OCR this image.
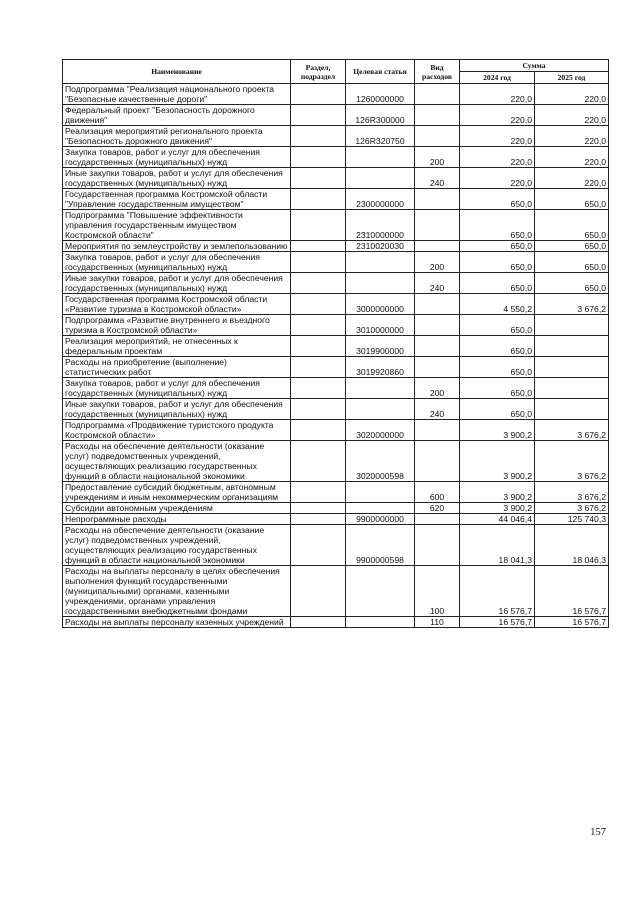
Наименование	Раздел, подраздел	Целевая статья	Вид расходов	Сумма	
				2024 год	2025 год
Подпрограмма "Реализация национального проекта "Безопасные качественные дороги"		1260000000		220,0	220,0
Федеральный проект "Безопасность дорожного движения"		126R300000		220,0	220,0
Реализация мероприятий регионального проекта "Безопасность дорожного движения"		126R320750		220,0	220,0
Закупка товаров, работ и услуг для обеспечения государственных (муниципальных) нужд			200	220,0	220,0
Иные закупки товаров, работ и услуг для обеспечения государственных (муниципальных) нужд			240	220,0	220,0
Государственная программа Костромской области "Управление государственным имуществом"		2300000000		650,0	650,0
Подпрограмма "Повышение эффективности управления государственным имуществом Костромской области"		2310000000		650,0	650,0
Мероприятия по землеустройству и землепользованию		2310020030		650,0	650,0
Закупка товаров, работ и услуг для обеспечения государственных (муниципальных) нужд			200	650,0	650,0
Иные закупки товаров, работ и услуг для обеспечения государственных (муниципальных) нужд			240	650,0	650,0
Государственная программа Костромской области «Развитие туризма в Костромской области»		3000000000		4 550,2	3 676,2
Подпрограмма «Развитие внутреннего и въездного туризма в Костромской области»		3010000000		650,0	
Реализация мероприятий, не отнесенных к федеральным проектам		3019900000		650,0	
Расходы на приобретение (выполнение) статистических работ		3019920860		650,0	
Закупка товаров, работ и услуг для обеспечения государственных (муниципальных) нужд			200	650,0	
Иные закупки товаров, работ и услуг для обеспечения государственных (муниципальных) нужд			240	650,0	
Подпрограмма «Продвижение туристского продукта Костромской области»		3020000000		3 900,2	3 676,2
Расходы на обеспечение деятельности (оказание услуг) подведомственных учреждений, осуществляющих реализацию государственных функций в области национальной экономики		3020000598		3 900,2	3 676,2
Предоставление субсидий бюджетным, автономным учреждениям и иным некоммерческим организациям			600	3 900,2	3 676,2
Субсидии автономным учреждениям			620	3 900,2	3 676,2
Непрограммные расходы		9900000000		44 046,4	125 740,3
Расходы на обеспечение деятельности (оказание услуг) подведомственных учреждений, осуществляющих реализацию государственных функций в области национальной экономики		9900000598		18 041,3	18 046,3
Расходы на выплаты персоналу в целях обеспечения выполнения функций государственными (муниципальными) органами, казенными учреждениями, органами управления государственными внебюджетными фондами			100	16 576,7	16 576,7
Расходы на выплаты персоналу казенных учреждений			110	16 576,7	16 576,7
157
